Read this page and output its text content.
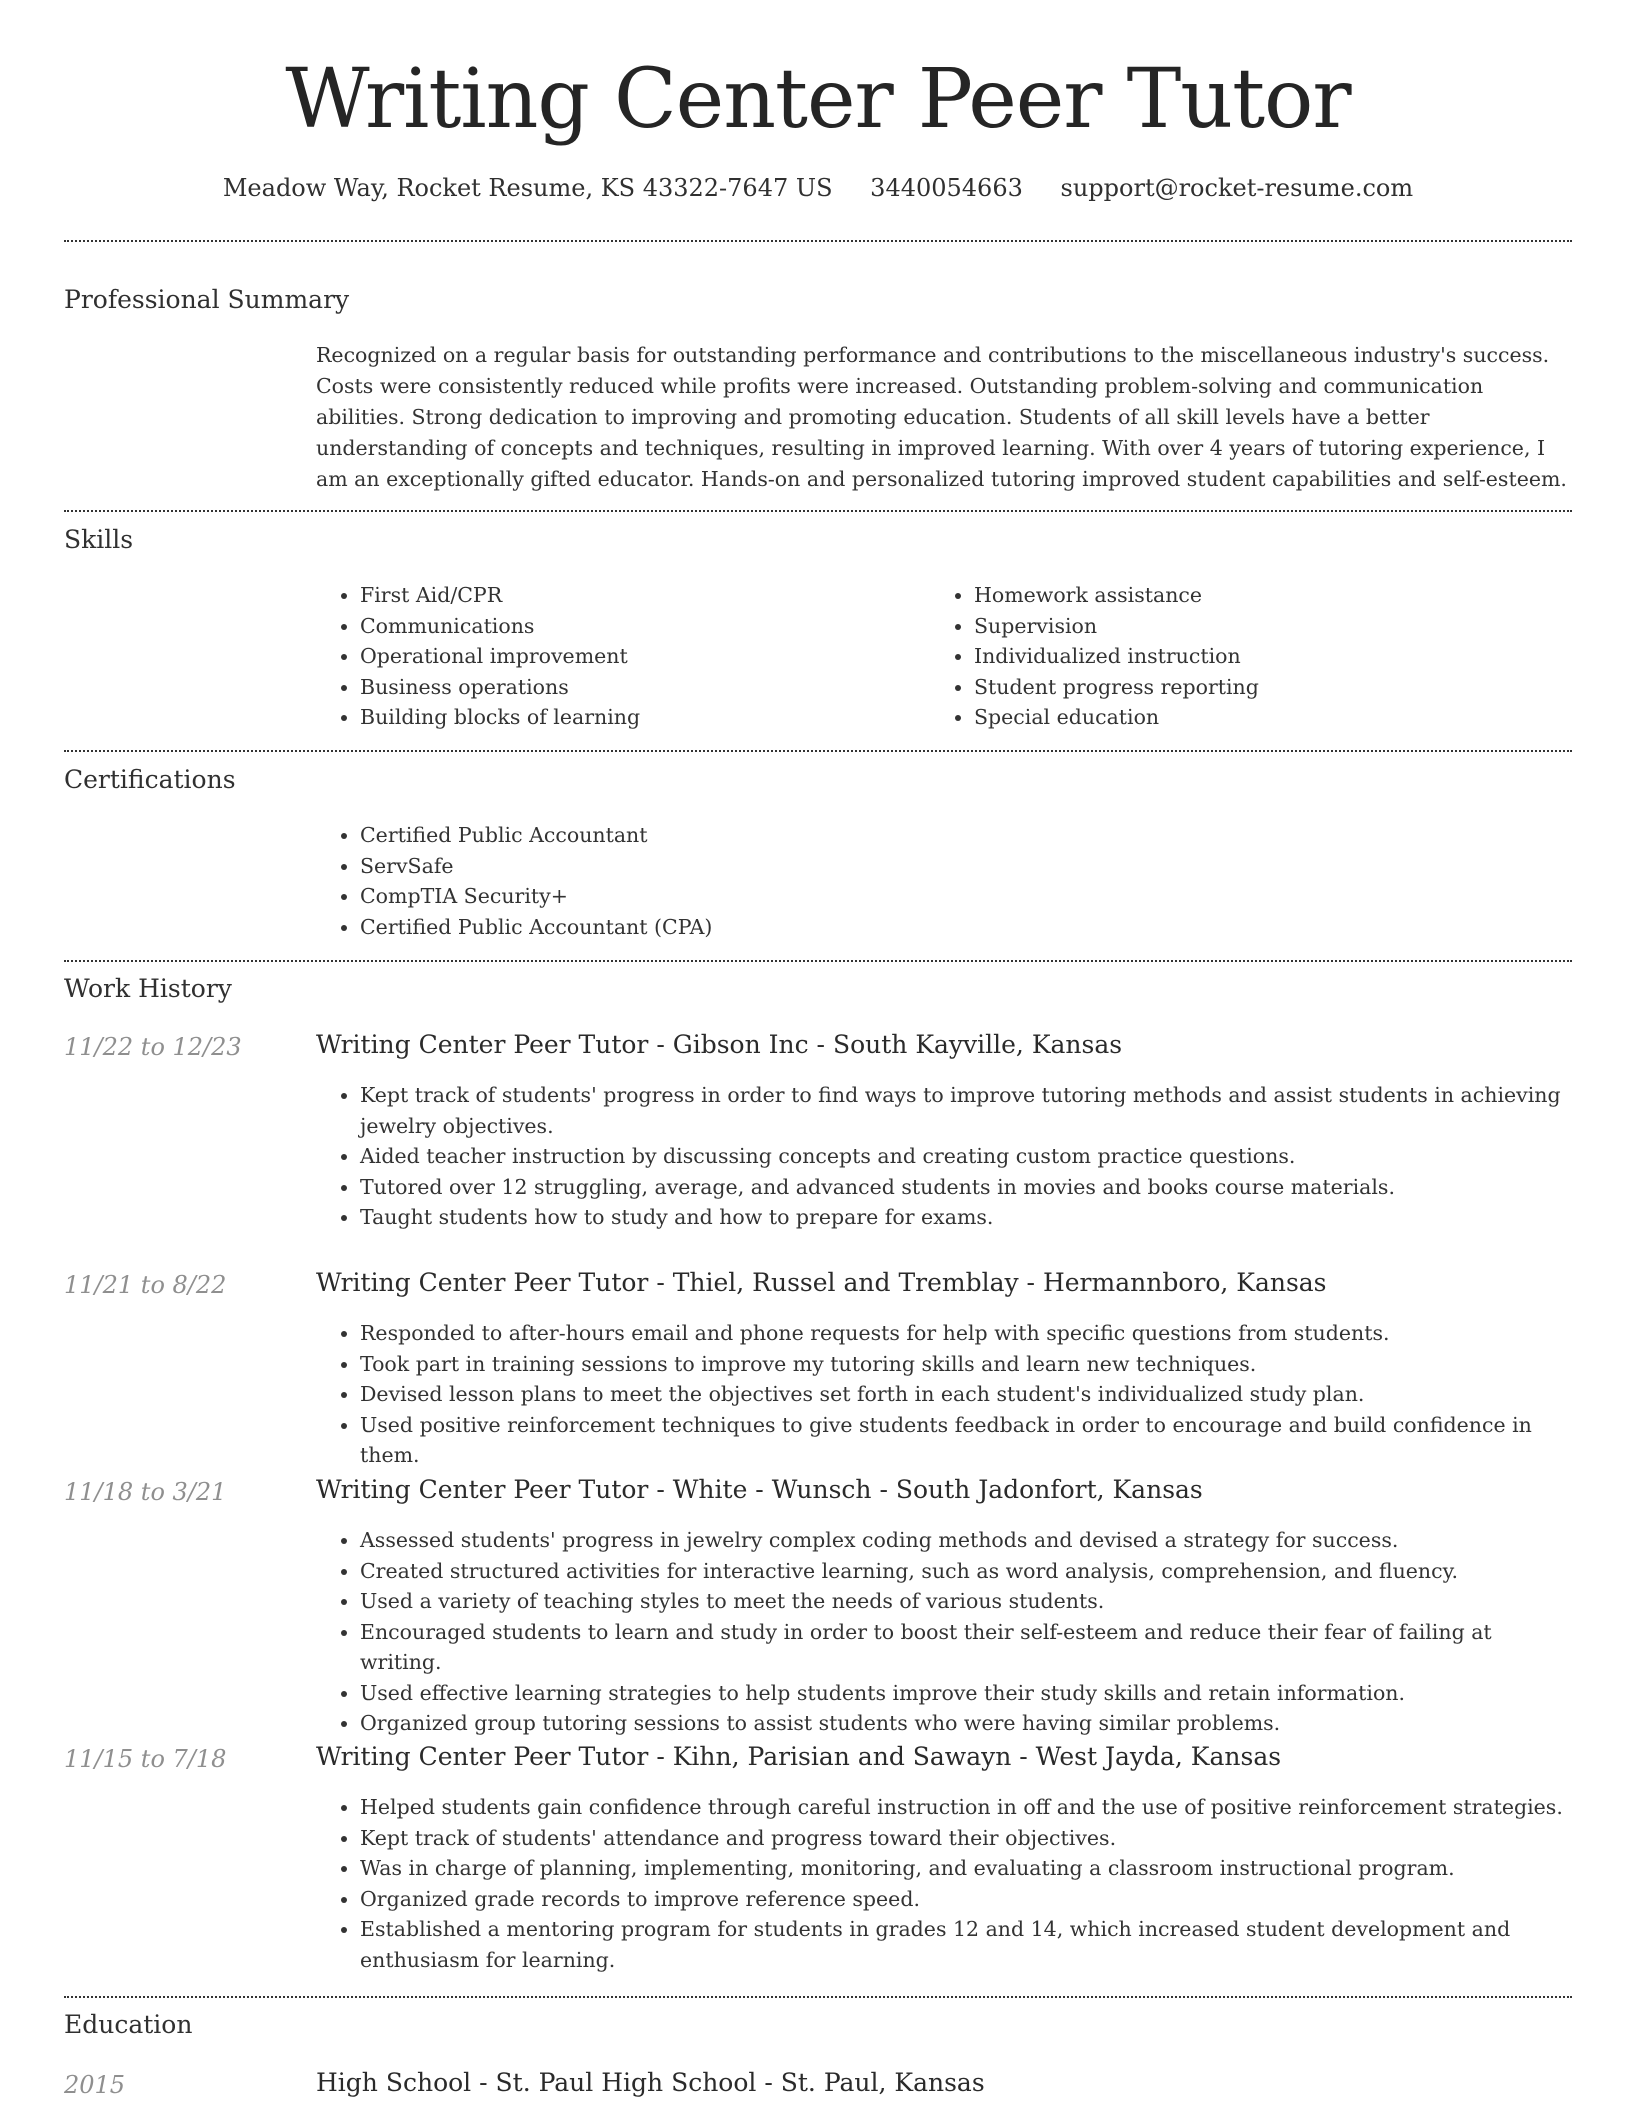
Writing Center Peer Tutor
Meadow Way, Rocket Resume, KS 43322-7647 US 3440054663 support@rocket-resume.com
Professional Summary
Recognized on a regular basis for outstanding performance and contributions to the miscellaneous industry's success. Costs were consistently reduced while profits were increased. Outstanding problem-solving and communication abilities. Strong dedication to improving and promoting education. Students of all skill levels have a better understanding of concepts and techniques, resulting in improved learning. With over 4 years of tutoring experience, I am an exceptionally gifted educator. Hands-on and personalized tutoring improved student capabilities and self-esteem.
Skills
• First Aid/CPR
• Communications
• Operational improvement
• Business operations
• Building blocks of learning
• Homework assistance
• Supervision
• Individualized instruction
• Student progress reporting
• Special education
Certifications
• Certified Public Accountant
• ServSafe
• CompTIA Security+
• Certified Public Accountant (CPA)
Work History
11/22 to 12/23	Writing Center Peer Tutor - Gibson Inc - South Kayville, Kansas
• Kept track of students' progress in order to find ways to improve tutoring methods and assist students in achieving jewelry objectives.
• Aided teacher instruction by discussing concepts and creating custom practice questions.
• Tutored over 12 struggling, average, and advanced students in movies and books course materials.
• Taught students how to study and how to prepare for exams.
11/21 to 8/22	Writing Center Peer Tutor - Thiel, Russel and Tremblay - Hermannboro, Kansas
• Responded to after-hours email and phone requests for help with specific questions from students.
• Took part in training sessions to improve my tutoring skills and learn new techniques.
• Devised lesson plans to meet the objectives set forth in each student's individualized study plan.
• Used positive reinforcement techniques to give students feedback in order to encourage and build confidence in them.
11/18 to 3/21	Writing Center Peer Tutor - White - Wunsch - South Jadonfort, Kansas
• Assessed students' progress in jewelry complex coding methods and devised a strategy for success.
• Created structured activities for interactive learning, such as word analysis, comprehension, and fluency.
• Used a variety of teaching styles to meet the needs of various students.
• Encouraged students to learn and study in order to boost their self-esteem and reduce their fear of failing at writing.
• Used effective learning strategies to help students improve their study skills and retain information.
• Organized group tutoring sessions to assist students who were having similar problems.
11/15 to 7/18	Writing Center Peer Tutor - Kihn, Parisian and Sawayn - West Jayda, Kansas
• Helped students gain confidence through careful instruction in off and the use of positive reinforcement strategies.
• Kept track of students' attendance and progress toward their objectives.
• Was in charge of planning, implementing, monitoring, and evaluating a classroom instructional program.
• Organized grade records to improve reference speed.
• Established a mentoring program for students in grades 12 and 14, which increased student development and enthusiasm for learning.
Education
2015	High School - St. Paul High School - St. Paul, Kansas
